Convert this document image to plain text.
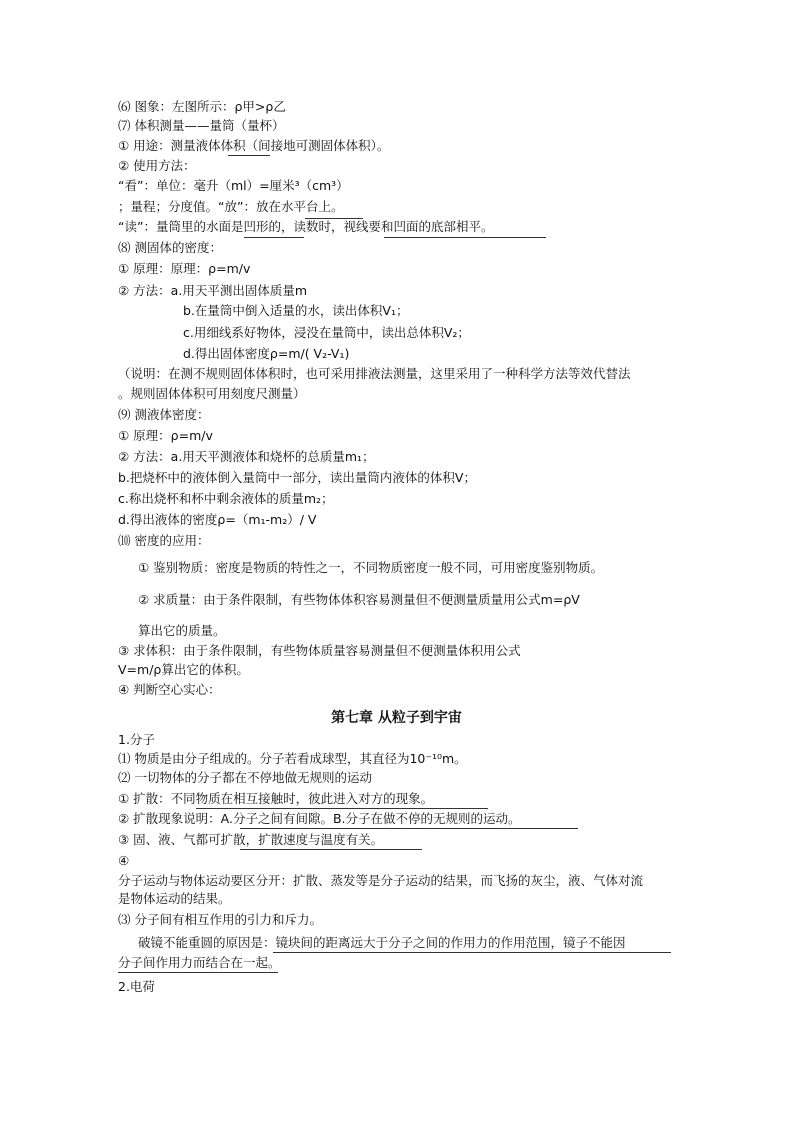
⑹ 图象：左图所示：ρ甲>ρ乙
⑺ 体积测量——量筒（量杯）
① 用途：测量液体体积（间接地可测固体体积）。
② 使用方法：
“看”：单位：毫升（ml）=厘米³（cm³）
；量程；分度值。“放”：放在水平台上。
“读”：量筒里的水面是凹形的，读数时，视线要和凹面的底部相平。
⑻ 测固体的密度：
① 原理：原理：ρ=m/v
② 方法：a.用天平测出固体质量m
b.在量筒中倒入适量的水，读出体积V₁；
c.用细线系好物体，浸没在量筒中，读出总体积V₂；
d.得出固体密度ρ=m/( V₂-V₁)
（说明：在测不规则固体体积时，也可采用排液法测量，这里采用了一种科学方法等效代替法
。规则固体体积可用刻度尺测量）
⑼ 测液体密度：
① 原理：ρ=m/v
② 方法：a.用天平测液体和烧杯的总质量m₁；
b.把烧杯中的液体倒入量筒中一部分，读出量筒内液体的体积V；
c.称出烧杯和杯中剩余液体的质量m₂；
d.得出液体的密度ρ=（m₁-m₂）/ V
⑽ 密度的应用：
① 鉴别物质：密度是物质的特性之一，不同物质密度一般不同，可用密度鉴别物质。
② 求质量：由于条件限制，有些物体体积容易测量但不便测量质量用公式m=ρV
算出它的质量。
③ 求体积：由于条件限制，有些物体质量容易测量但不便测量体积用公式
V=m/ρ算出它的体积。
④ 判断空心实心：
第七章 从粒子到宇宙
1.分子
⑴ 物质是由分子组成的。分子若看成球型，其直径为10⁻¹⁰m。
⑵ 一切物体的分子都在不停地做无规则的运动
① 扩散：不同物质在相互接触时，彼此进入对方的现象。
② 扩散现象说明：A.分子之间有间隙。B.分子在做不停的无规则的运动。
③ 固、液、气都可扩散，扩散速度与温度有关。
④
分子运动与物体运动要区分开：扩散、蒸发等是分子运动的结果，而飞扬的灰尘，液、气体对流
是物体运动的结果。
⑶ 分子间有相互作用的引力和斥力。
破镜不能重圆的原因是：镜块间的距离远大于分子之间的作用力的作用范围，镜子不能因
分子间作用力而结合在一起。
2.电荷
